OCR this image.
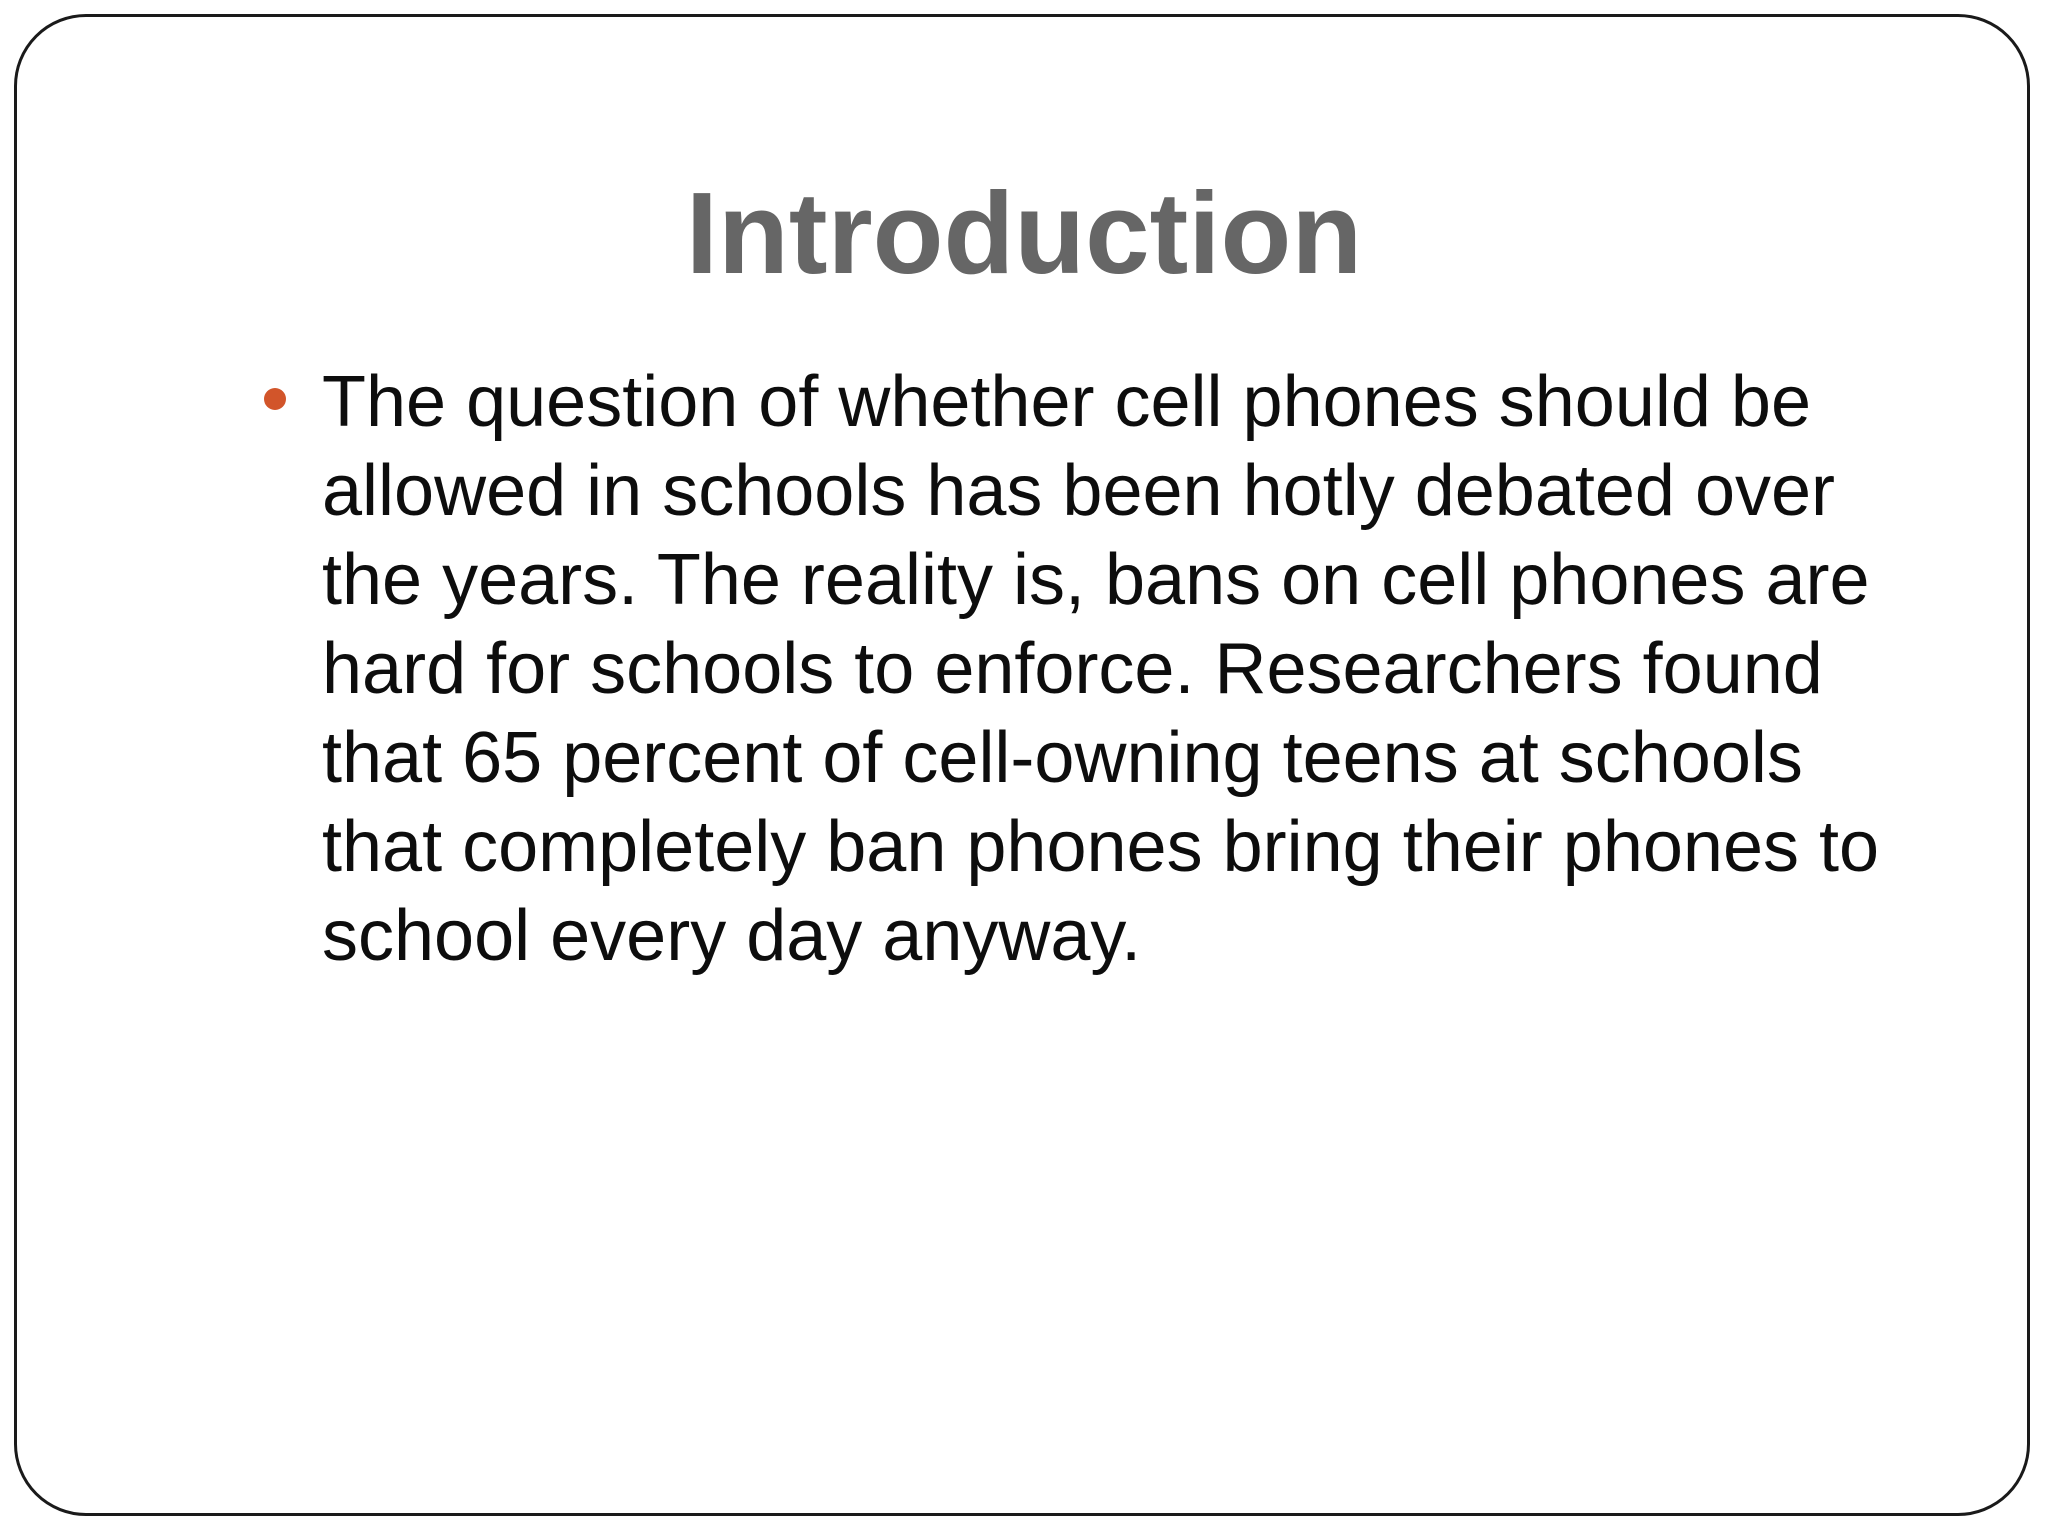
Introduction
The question of whether cell phones should be allowed in schools has been hotly debated over the years. The reality is, bans on cell phones are hard for schools to enforce. Researchers found that 65 percent of cell-owning teens at schools that completely ban phones bring their phones to school every day anyway.
